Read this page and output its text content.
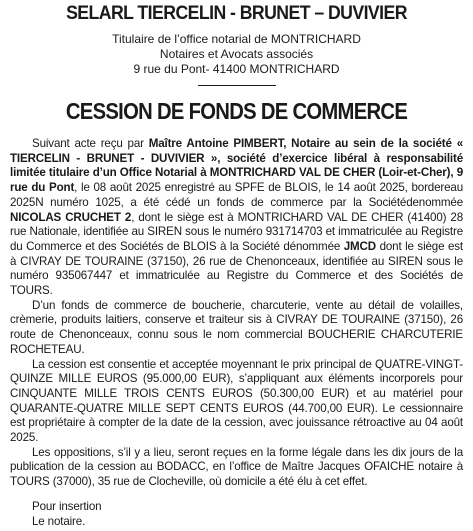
SELARL TIERCELIN - BRUNET – DUVIVIER

Titulaire de l’office notarial de MONTRICHARD

Notaires et Avocats associés

9 rue du Pont- 41400 MONTRICHARD

CESSION DE FONDS DE COMMERCE

Suivant acte reçu par Maître Antoine PIMBERT, Notaire au sein de la société « TIERCELIN - BRUNET - DUVIVIER », société d’exercice libéral à responsabilité limitée titulaire d’un Office Notarial à MONTRICHARD VAL DE CHER (Loir-et-Cher), 9 rue du Pont, le 08 août 2025 enregistré au SPFE de BLOIS, le 14 août 2025, bordereau 2025N numéro 1025, a été cédé un fonds de commerce par la Sociétédenommée NICOLAS CRUCHET 2, dont le siège est à MONTRICHARD VAL DE CHER (41400) 28 rue Nationale, identifiée au SIREN sous le numéro 931714703 et immatriculée au Registre du Commerce et des Sociétés de BLOIS à la Société dénommée JMCD dont le siège est à CIVRAY DE TOURAINE (37150), 26 rue de Chenonceaux, identifiée au SIREN sous le numéro 935067447 et immatriculée au Registre du Commerce et des Sociétés de TOURS.

D’un fonds de commerce de boucherie, charcuterie, vente au détail de volailles, crèmerie, produits laitiers, conserve et traiteur sis à CIVRAY DE TOURAINE (37150), 26 route de Chenonceaux, connu sous le nom commercial BOUCHERIE CHARCUTERIE ROCHETEAU.

La cession est consentie et acceptée moyennant le prix principal de QUATRE-VINGT-QUINZE MILLE EUROS (95.000,00 EUR), s’appliquant aux éléments incorporels pour CINQUANTE MILLE TROIS CENTS EUROS (50.300,00 EUR) et au matériel pour QUARANTE-QUATRE MILLE SEPT CENTS EUROS (44.700,00 EUR). Le cessionnaire est propriétaire à compter de la date de la cession, avec jouissance rétroactive au 04 août 2025.

Les oppositions, s’il y a lieu, seront reçues en la forme légale dans les dix jours de la publication de la cession au BODACC, en l’office de Maître Jacques OFAICHE notaire à TOURS (37000), 35 rue de Clocheville, où domicile a été élu à cet effet.

Pour insertion

Le notaire.
